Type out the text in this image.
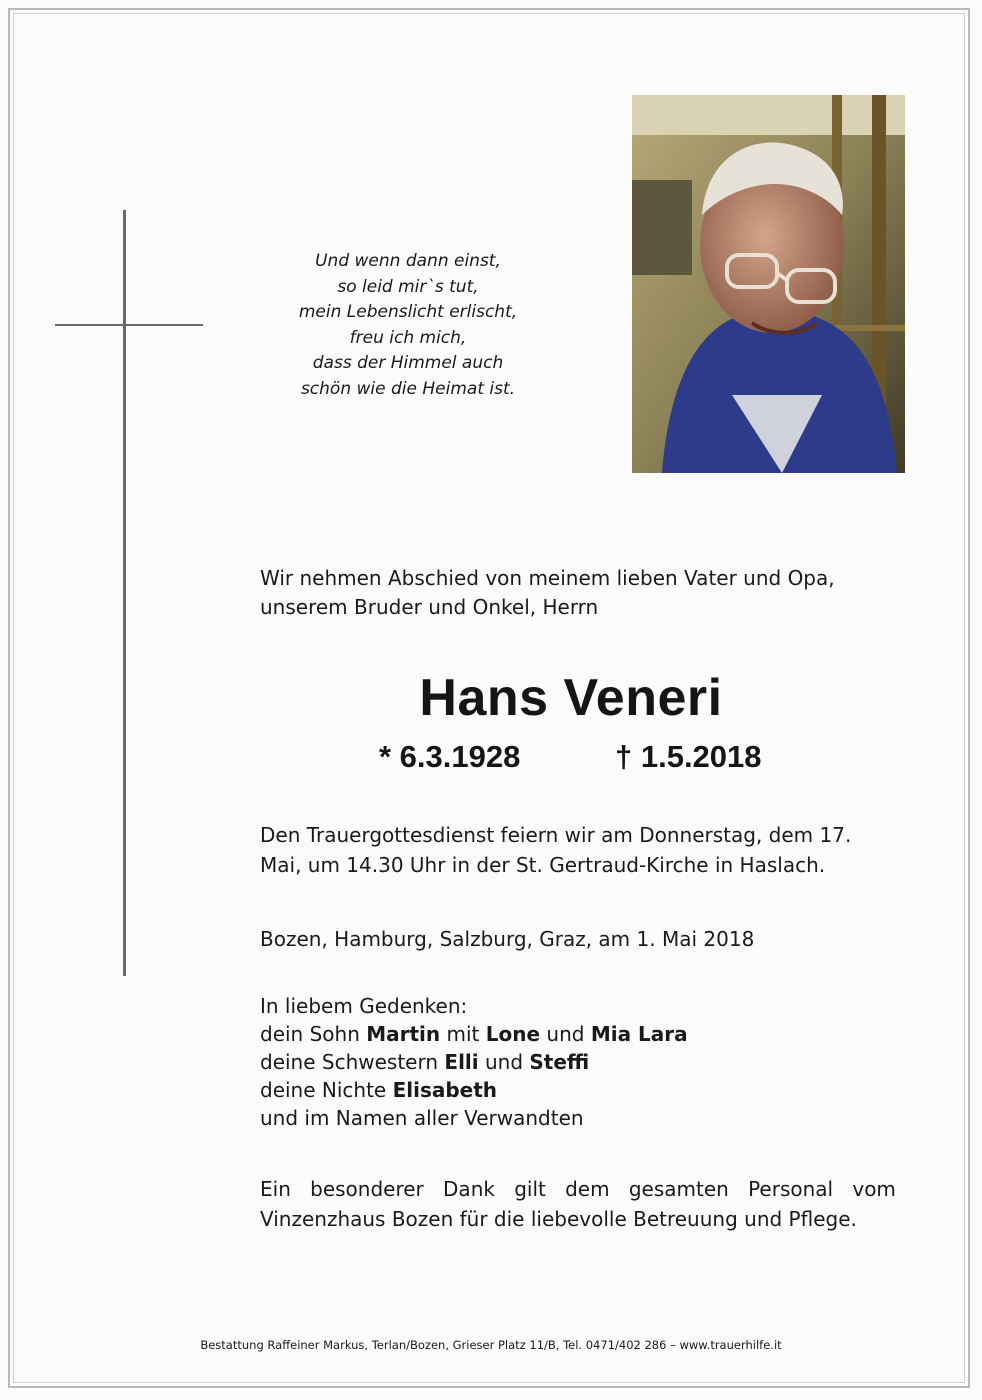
Und wenn dann einst,
so leid mir`s tut,
mein Lebenslicht erlischt,
freu ich mich,
dass der Himmel auch
schön wie die Heimat ist.
Wir nehmen Abschied von meinem lieben Vater und Opa,
unserem Bruder und Onkel, Herrn
Hans Veneri
* 6.3.1928	† 1.5.2018
Den Trauergottesdienst feiern wir am Donnerstag, dem 17.
Mai, um 14.30 Uhr in der St. Gertraud-Kirche in Haslach.
Bozen, Hamburg, Salzburg, Graz, am 1. Mai 2018
In liebem Gedenken:
dein Sohn Martin mit Lone und Mia Lara
deine Schwestern Elli und Steffi
deine Nichte Elisabeth
und im Namen aller Verwandten
Ein besonderer Dank gilt dem gesamten Personal vom
Vinzenzhaus Bozen für die liebevolle Betreuung und Pflege.
Bestattung Raffeiner Markus, Terlan/Bozen, Grieser Platz 11/B, Tel. 0471/402 286 – www.trauerhilfe.it
